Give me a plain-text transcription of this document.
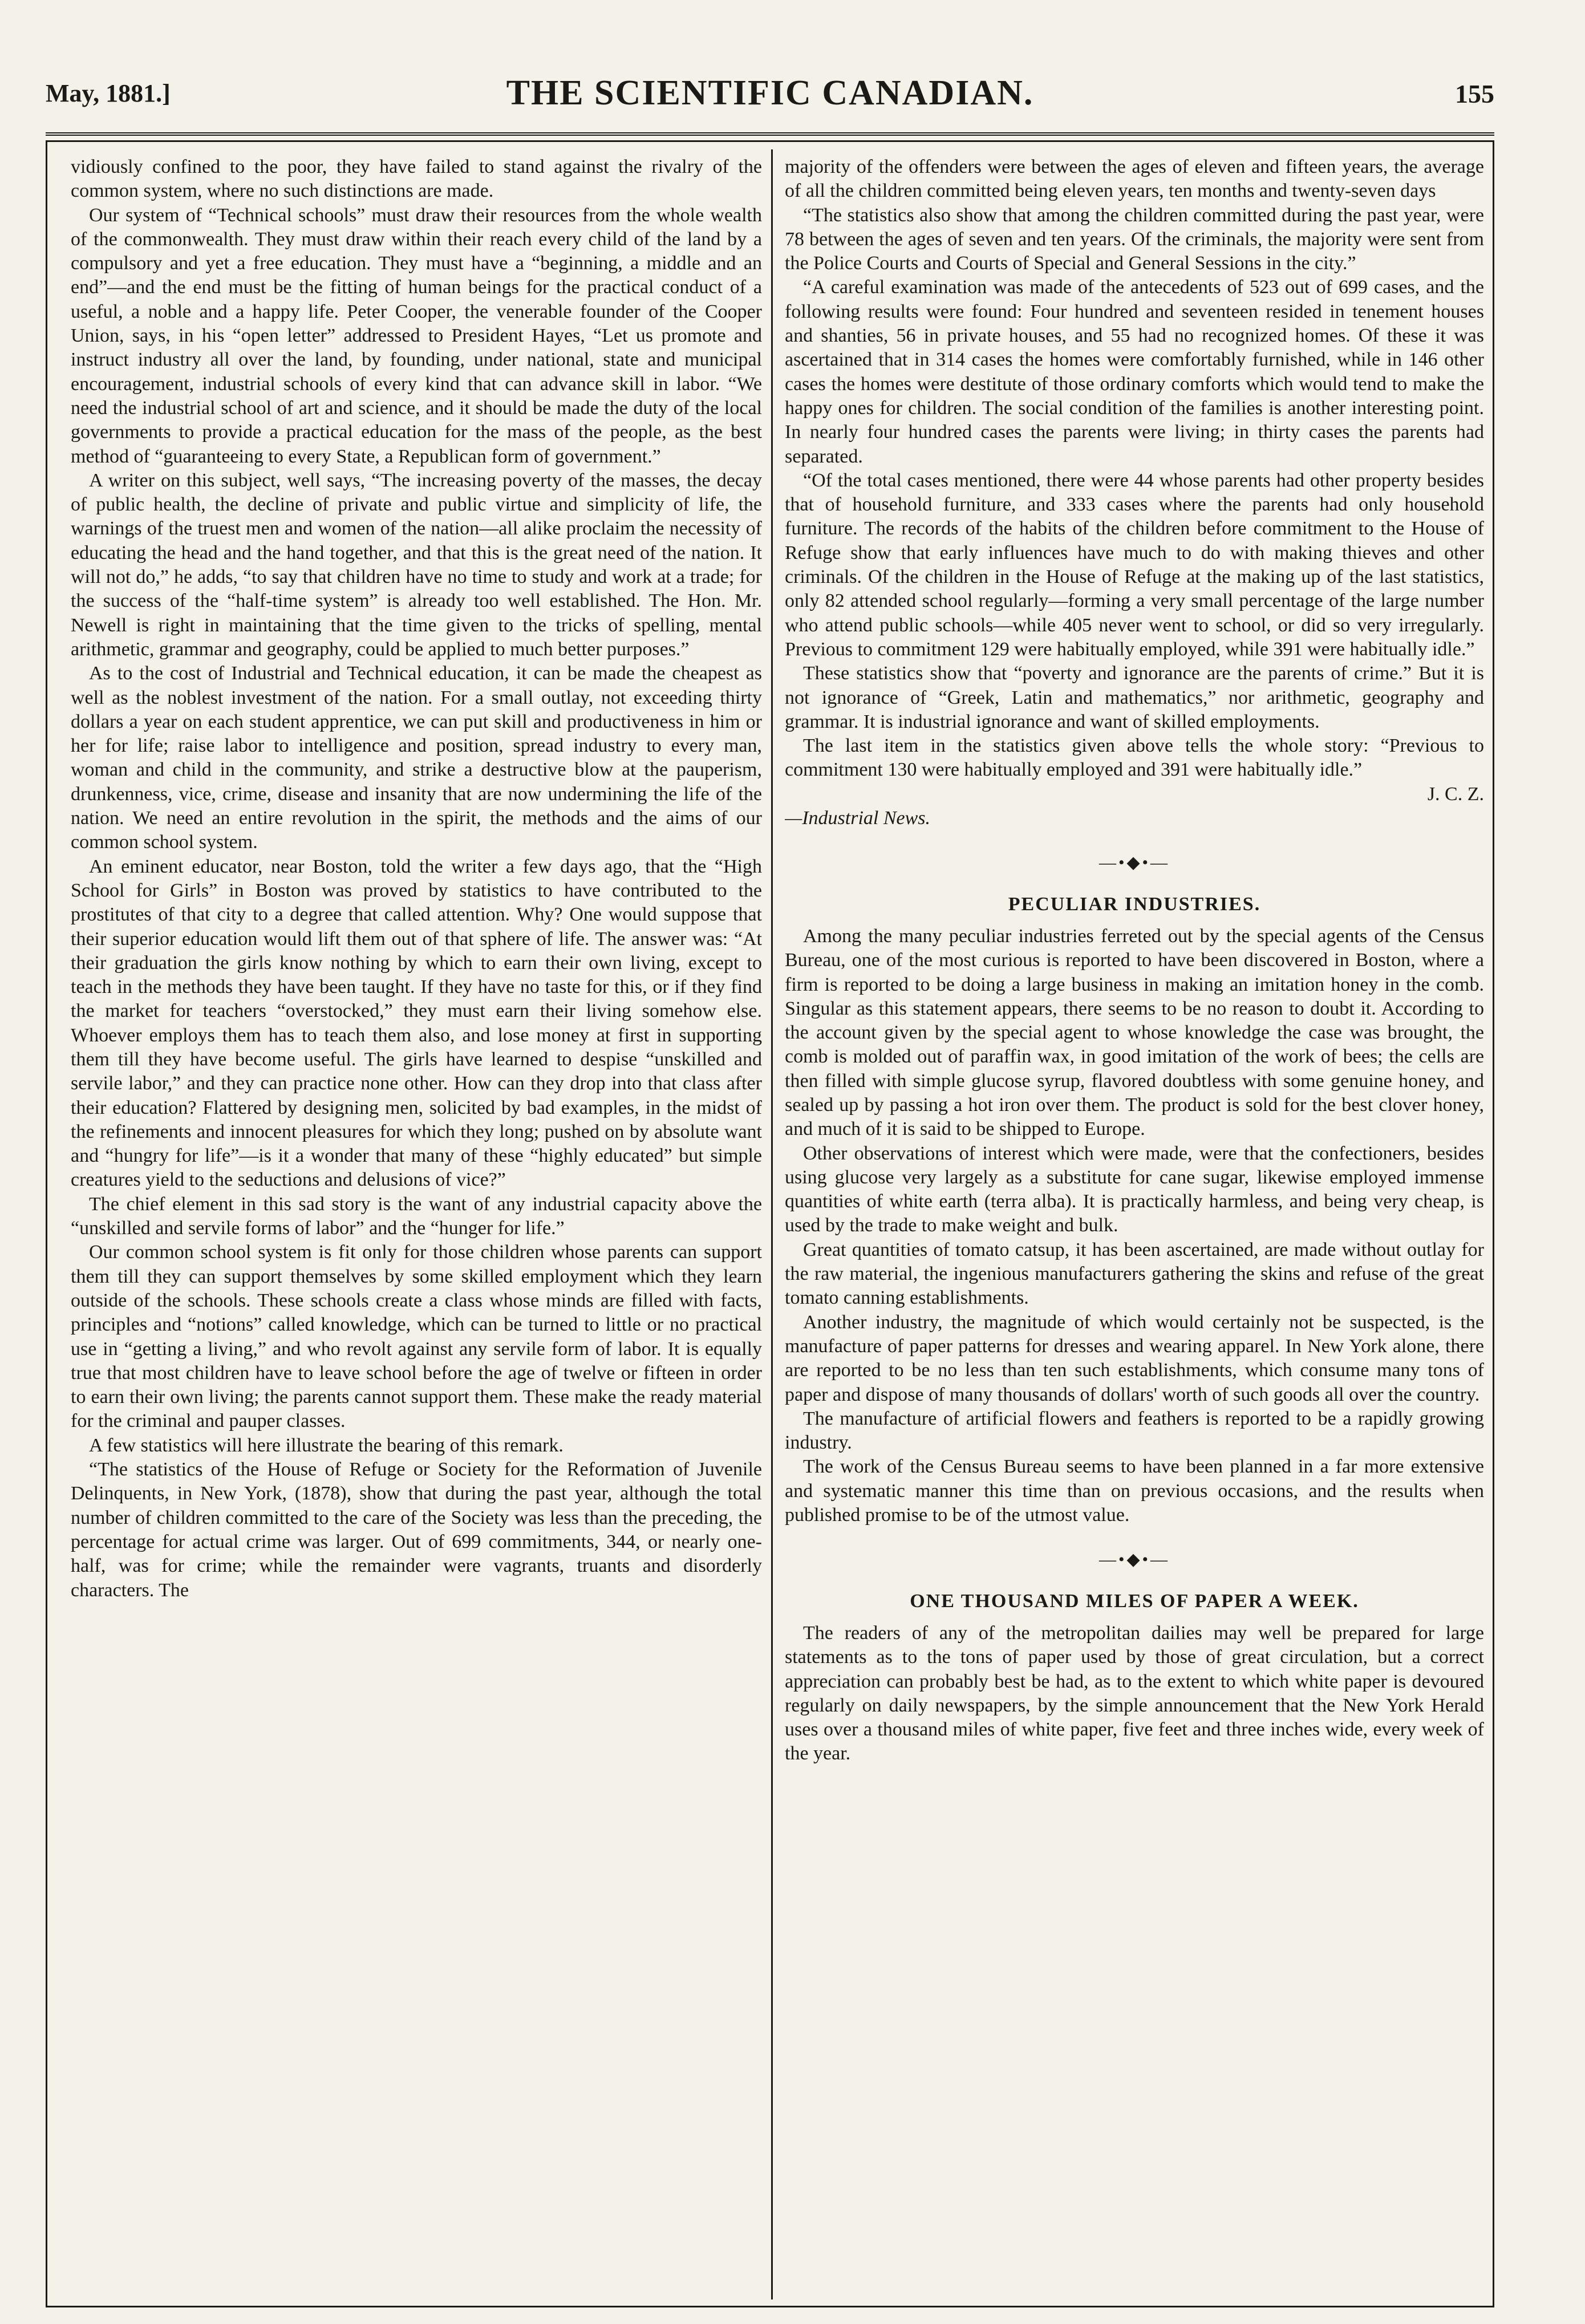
May, 1881.]	THE SCIENTIFIC CANADIAN.	155

vidiously confined to the poor, they have failed to stand against the rivalry of the common system, where no such distinctions are made.

Our system of “Technical schools” must draw their resources from the whole wealth of the commonwealth. They must draw within their reach every child of the land by a compulsory and yet a free education. They must have a “beginning, a middle and an end”—and the end must be the fitting of human beings for the practical conduct of a useful, a noble and a happy life. Peter Cooper, the venerable founder of the Cooper Union, says, in his “open letter” addressed to President Hayes, “Let us promote and instruct industry all over the land, by founding, under national, state and municipal encouragement, industrial schools of every kind that can advance skill in labor. “We need the industrial school of art and science, and it should be made the duty of the local governments to provide a practical education for the mass of the people, as the best method of “guaranteeing to every State, a Republican form of government.”

A writer on this subject, well says, “The increasing poverty of the masses, the decay of public health, the decline of private and public virtue and simplicity of life, the warnings of the truest men and women of the nation—all alike proclaim the necessity of educating the head and the hand together, and that this is the great need of the nation. It will not do,” he adds, “to say that children have no time to study and work at a trade; for the success of the “half-time system” is already too well established. The Hon. Mr. Newell is right in maintaining that the time given to the tricks of spelling, mental arithmetic, grammar and geography, could be applied to much better purposes.”

As to the cost of Industrial and Technical education, it can be made the cheapest as well as the noblest investment of the nation. For a small outlay, not exceeding thirty dollars a year on each student apprentice, we can put skill and productiveness in him or her for life; raise labor to intelligence and position, spread industry to every man, woman and child in the community, and strike a destructive blow at the pauperism, drunkenness, vice, crime, disease and insanity that are now undermining the life of the nation. We need an entire revolution in the spirit, the methods and the aims of our common school system.

An eminent educator, near Boston, told the writer a few days ago, that the “High School for Girls” in Boston was proved by statistics to have contributed to the prostitutes of that city to a degree that called attention. Why? One would suppose that their superior education would lift them out of that sphere of life. The answer was: “At their graduation the girls know nothing by which to earn their own living, except to teach in the methods they have been taught. If they have no taste for this, or if they find the market for teachers “overstocked,” they must earn their living somehow else. Whoever employs them has to teach them also, and lose money at first in supporting them till they have become useful. The girls have learned to despise “unskilled and servile labor,” and they can practice none other. How can they drop into that class after their education? Flattered by designing men, solicited by bad examples, in the midst of the refinements and innocent pleasures for which they long; pushed on by absolute want and “hungry for life”—is it a wonder that many of these “highly educated” but simple creatures yield to the seductions and delusions of vice?”

The chief element in this sad story is the want of any industrial capacity above the “unskilled and servile forms of labor” and the “hunger for life.”

Our common school system is fit only for those children whose parents can support them till they can support themselves by some skilled employment which they learn outside of the schools. These schools create a class whose minds are filled with facts, principles and “notions” called knowledge, which can be turned to little or no practical use in “getting a living,” and who revolt against any servile form of labor. It is equally true that most children have to leave school before the age of twelve or fifteen in order to earn their own living; the parents cannot support them. These make the ready material for the criminal and pauper classes.

A few statistics will here illustrate the bearing of this remark.

“The statistics of the House of Refuge or Society for the Reformation of Juvenile Delinquents, in New York, (1878), show that during the past year, although the total number of children committed to the care of the Society was less than the preceding, the percentage for actual crime was larger. Out of 699 commitments, 344, or nearly one-half, was for crime; while the remainder were vagrants, truants and disorderly characters. The

majority of the offenders were between the ages of eleven and fifteen years, the average of all the children committed being eleven years, ten months and twenty-seven days

“The statistics also show that among the children committed during the past year, were 78 between the ages of seven and ten years. Of the criminals, the majority were sent from the Police Courts and Courts of Special and General Sessions in the city.”

“A careful examination was made of the antecedents of 523 out of 699 cases, and the following results were found: Four hundred and seventeen resided in tenement houses and shanties, 56 in private houses, and 55 had no recognized homes. Of these it was ascertained that in 314 cases the homes were comfortably furnished, while in 146 other cases the homes were destitute of those ordinary comforts which would tend to make the happy ones for children. The social condition of the families is another interesting point. In nearly four hundred cases the parents were living; in thirty cases the parents had separated.

“Of the total cases mentioned, there were 44 whose parents had other property besides that of household furniture, and 333 cases where the parents had only household furniture. The records of the habits of the children before commitment to the House of Refuge show that early influences have much to do with making thieves and other criminals. Of the children in the House of Refuge at the making up of the last statistics, only 82 attended school regularly—forming a very small percentage of the large number who attend public schools—while 405 never went to school, or did so very irregularly. Previous to commitment 129 were habitually employed, while 391 were habitually idle.”

These statistics show that “poverty and ignorance are the parents of crime.” But it is not ignorance of “Greek, Latin and mathematics,” nor arithmetic, geography and grammar. It is industrial ignorance and want of skilled employments.

The last item in the statistics given above tells the whole story: “Previous to commitment 130 were habitually employed and 391 were habitually idle.”

J. C. Z.

—Industrial News.

—•◆•—
PECULIAR INDUSTRIES.

Among the many peculiar industries ferreted out by the special agents of the Census Bureau, one of the most curious is reported to have been discovered in Boston, where a firm is reported to be doing a large business in making an imitation honey in the comb. Singular as this statement appears, there seems to be no reason to doubt it. According to the account given by the special agent to whose knowledge the case was brought, the comb is molded out of paraffin wax, in good imitation of the work of bees; the cells are then filled with simple glucose syrup, flavored doubtless with some genuine honey, and sealed up by passing a hot iron over them. The product is sold for the best clover honey, and much of it is said to be shipped to Europe.

Other observations of interest which were made, were that the confectioners, besides using glucose very largely as a substitute for cane sugar, likewise employed immense quantities of white earth (terra alba). It is practically harmless, and being very cheap, is used by the trade to make weight and bulk.

Great quantities of tomato catsup, it has been ascertained, are made without outlay for the raw material, the ingenious manufacturers gathering the skins and refuse of the great tomato canning establishments.

Another industry, the magnitude of which would certainly not be suspected, is the manufacture of paper patterns for dresses and wearing apparel. In New York alone, there are reported to be no less than ten such establishments, which consume many tons of paper and dispose of many thousands of dollars' worth of such goods all over the country.

The manufacture of artificial flowers and feathers is reported to be a rapidly growing industry.

The work of the Census Bureau seems to have been planned in a far more extensive and systematic manner this time than on previous occasions, and the results when published promise to be of the utmost value.

—•◆•—
ONE THOUSAND MILES OF PAPER A WEEK.

The readers of any of the metropolitan dailies may well be prepared for large statements as to the tons of paper used by those of great circulation, but a correct appreciation can probably best be had, as to the extent to which white paper is devoured regularly on daily newspapers, by the simple announcement that the New York Herald uses over a thousand miles of white paper, five feet and three inches wide, every week of the year.
